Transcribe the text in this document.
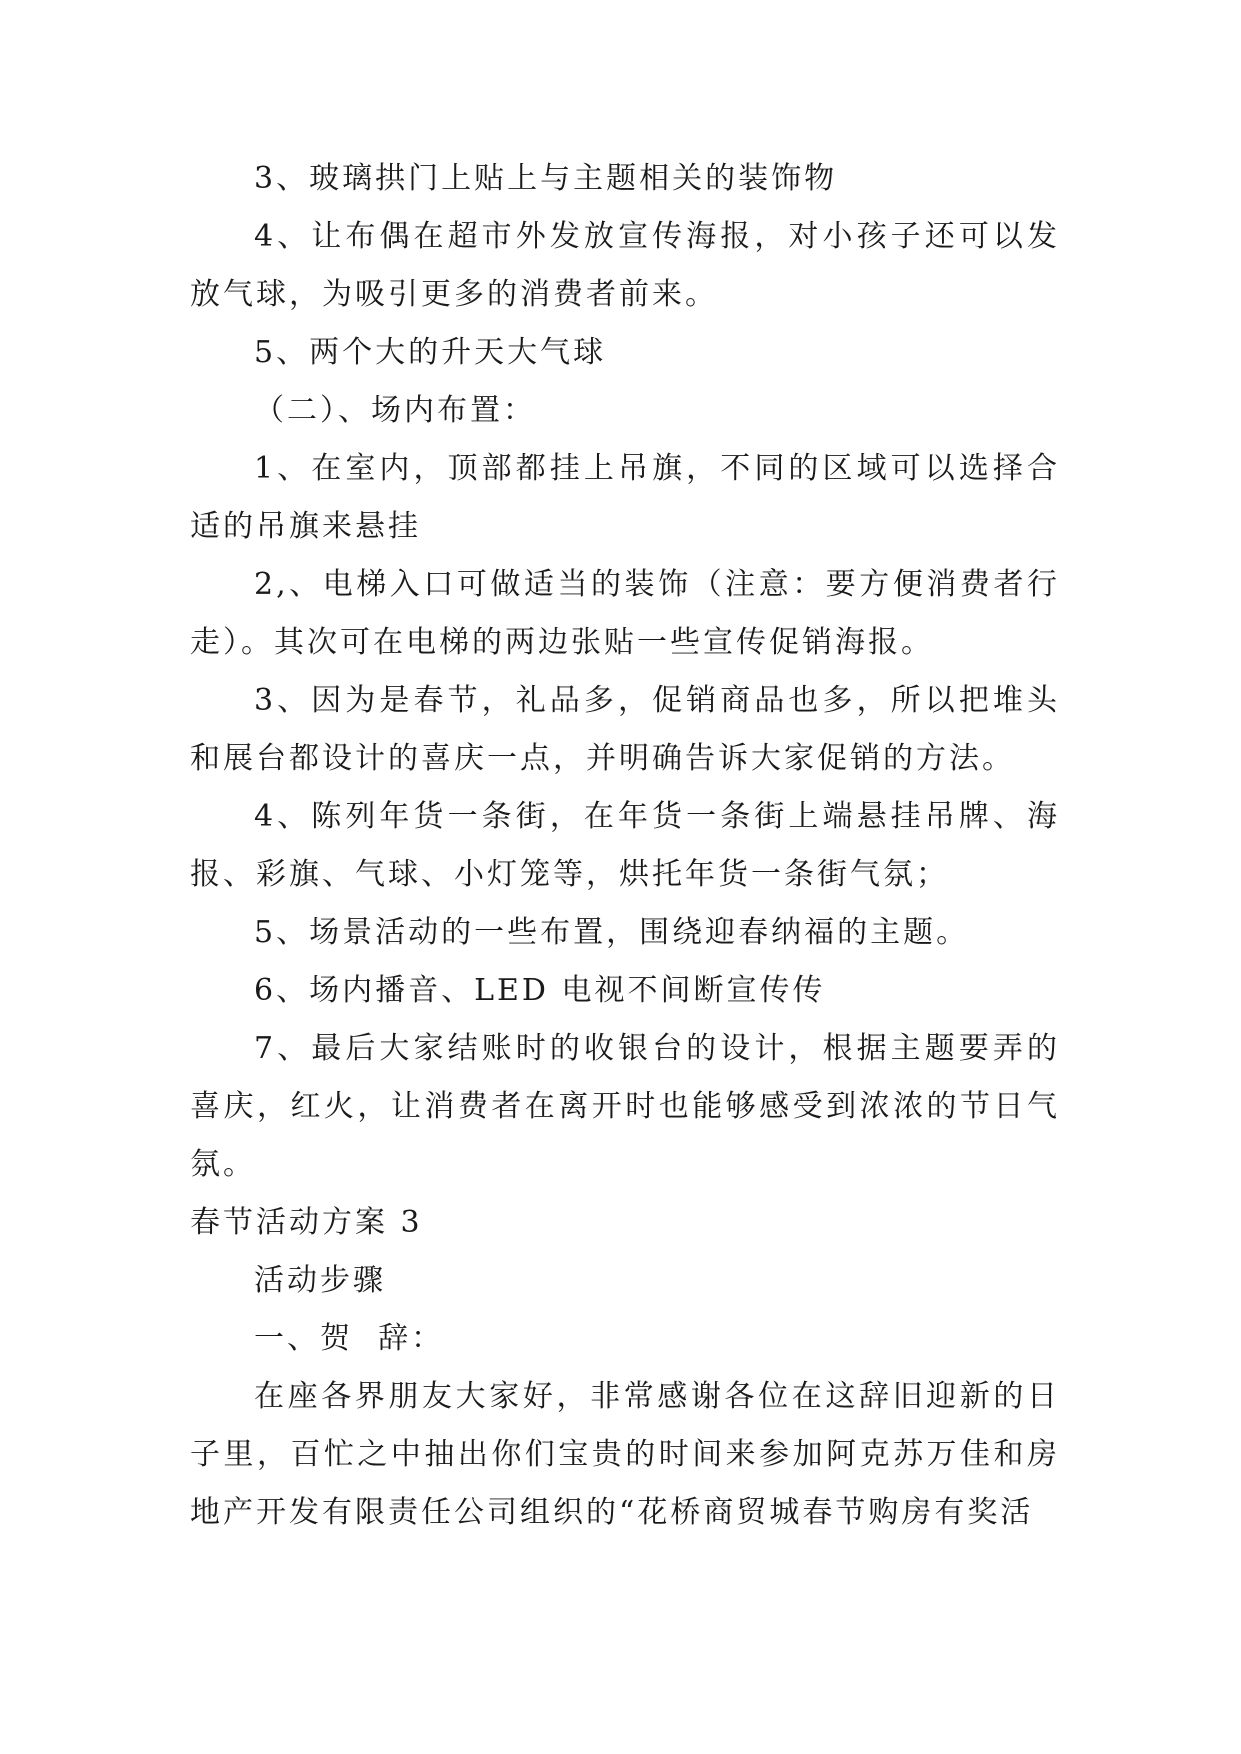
3、玻璃拱门上贴上与主题相关的装饰物

4、让布偶在超市外发放宣传海报，对小孩子还可以发放气球，为吸引更多的消费者前来。

5、两个大的升天大气球

（二）、场内布置：

1、在室内，顶部都挂上吊旗，不同的区域可以选择合适的吊旗来悬挂

2,、电梯入口可做适当的装饰（注意：要方便消费者行走）。其次可在电梯的两边张贴一些宣传促销海报。

3、因为是春节，礼品多，促销商品也多，所以把堆头和展台都设计的喜庆一点，并明确告诉大家促销的方法。

4、陈列年货一条街，在年货一条街上端悬挂吊牌、海报、彩旗、气球、小灯笼等，烘托年货一条街气氛；

5、场景活动的一些布置，围绕迎春纳福的主题。

6、场内播音、LED 电视不间断宣传传

7、最后大家结账时的收银台的设计，根据主题要弄的喜庆，红火，让消费者在离开时也能够感受到浓浓的节日气氛。

春节活动方案 3

活动步骤

一、贺  辞：

在座各界朋友大家好，非常感谢各位在这辞旧迎新的日子里，百忙之中抽出你们宝贵的时间来参加阿克苏万佳和房地产开发有限责任公司组织的“花桥商贸城春节购房有奖活
